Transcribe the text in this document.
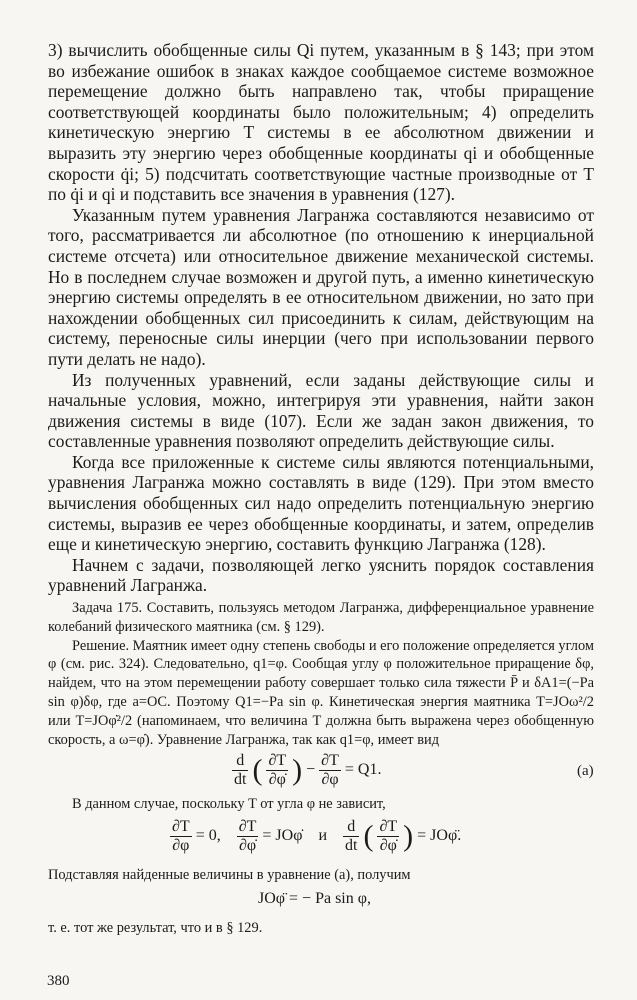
3) вычислить обобщенные силы Qi путем, указанным в § 143; при этом во избежание ошибок в знаках каждое сообщаемое системе возможное перемещение должно быть направлено так, чтобы приращение соответствующей координаты было положительным; 4) определить кинетическую энергию T системы в ее абсолютном движении и выразить эту энергию через обобщенные координаты qi и обобщенные скорости q̇i; 5) подсчитать соответствующие частные производные от T по q̇i и qi и подставить все значения в уравнения (127).

Указанным путем уравнения Лагранжа составляются независимо от того, рассматривается ли абсолютное (по отношению к инерциальной системе отсчета) или относительное движение механической системы. Но в последнем случае возможен и другой путь, а именно кинетическую энергию системы определять в ее относительном движении, но зато при нахождении обобщенных сил присоединить к силам, действующим на систему, переносные силы инерции (чего при использовании первого пути делать не надо).

Из полученных уравнений, если заданы действующие силы и начальные условия, можно, интегрируя эти уравнения, найти закон движения системы в виде (107). Если же задан закон движения, то составленные уравнения позволяют определить действующие силы.

Когда все приложенные к системе силы являются потенциальными, уравнения Лагранжа можно составлять в виде (129). При этом вместо вычисления обобщенных сил надо определить потенциальную энергию системы, выразив ее через обобщенные координаты, и затем, определив еще и кинетическую энергию, составить функцию Лагранжа (128).

Начнем с задачи, позволяющей легко уяснить порядок составления уравнений Лагранжа.

Задача 175. Составить, пользуясь методом Лагранжа, дифференциальное уравнение колебаний физического маятника (см. § 129).

Решение. Маятник имеет одну степень свободы и его положение определяется углом φ (см. рис. 324). Следовательно, q1=φ. Сообщая углу φ положительное приращение δφ, найдем, что на этом перемещении работу совершает только сила тяжести P̄ и δA1=(−Pa sin φ)δφ, где a=OC. Поэтому Q1=−Pa sin φ. Кинетическая энергия маятника T=JOω²/2 или T=JOφ̇²/2 (напоминаем, что величина T должна быть выражена через обобщенную скорость, а ω=φ̇). Уравнение Лагранжа, так как q1=φ, имеет вид

$\frac{d}{dt}$ ( $\frac{\partial T}{\partial\varphi̇}$ ) − $\frac{\partial T}{\partial\varphi} = Q1$.	(a)

В данном случае, поскольку T от угла φ не зависит,

$\frac{\partial T}{\partial\varphi} = 0$, $\frac{\partial T}{\partial\varphi̇}$ = JOφ̇ и $\frac{d}{dt}$ ( $\frac{\partial T}{\partial\varphi̇}$ ) = JOφ̈.

Подставляя найденные величины в уравнение (а), получим

JOφ̈ = − Pa sin φ,

т. е. тот же результат, что и в § 129.

380
